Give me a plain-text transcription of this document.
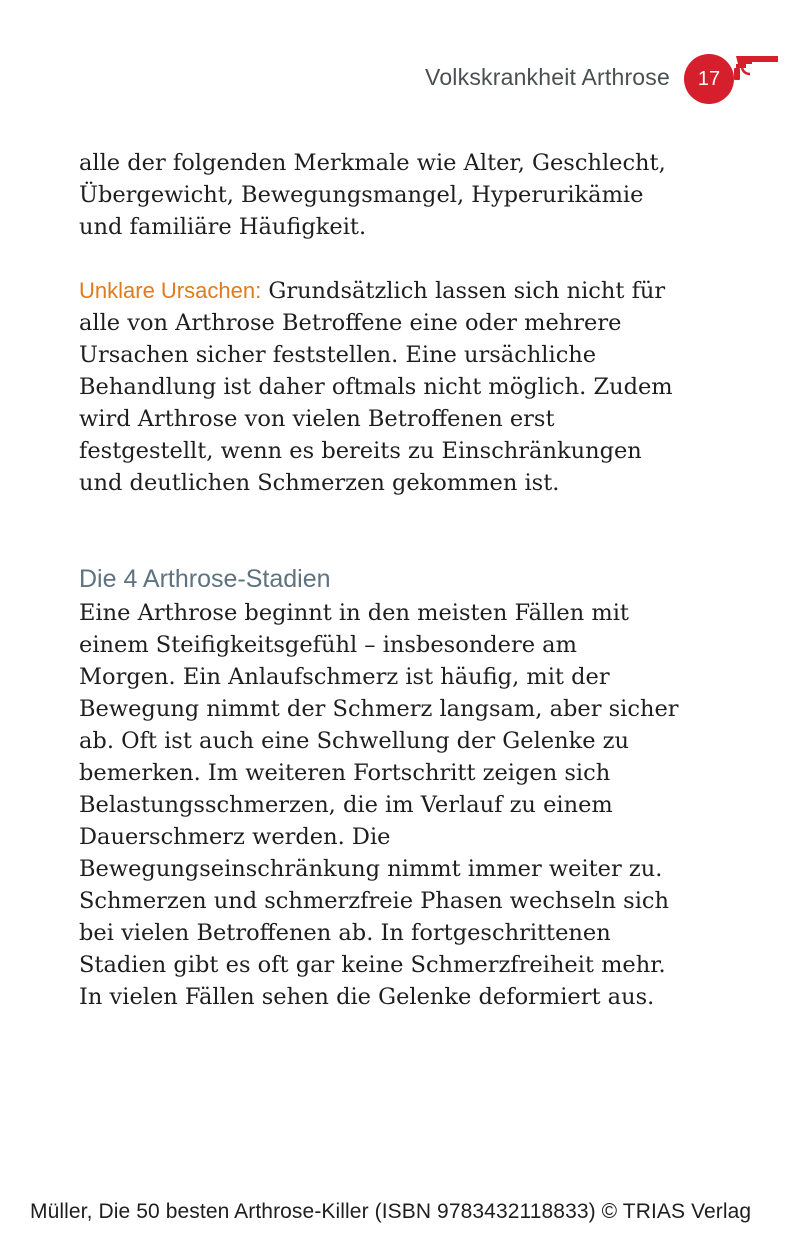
Volkskrankheit Arthrose	17

alle der folgenden Merkmale wie Alter, Geschlecht, Übergewicht, Bewegungsmangel, Hyperurikämie und familiäre Häufigkeit.

Unklare Ursachen: Grundsätzlich lassen sich nicht für alle von Arthrose Betroffene eine oder mehrere Ursachen sicher feststellen. Eine ursächliche Behandlung ist daher oftmals nicht möglich. Zudem wird Arthrose von vielen Betroffenen erst festgestellt, wenn es bereits zu Einschränkungen und deutlichen Schmerzen gekommen ist.

Die 4 Arthrose-Stadien

Eine Arthrose beginnt in den meisten Fällen mit einem Steifigkeitsgefühl – insbesondere am Morgen. Ein Anlaufschmerz ist häufig, mit der Bewegung nimmt der Schmerz langsam, aber sicher ab. Oft ist auch eine Schwellung der Gelenke zu bemerken. Im weiteren Fortschritt zeigen sich Belastungsschmerzen, die im Verlauf zu einem Dauerschmerz werden. Die Bewegungseinschränkung nimmt immer weiter zu. Schmerzen und schmerzfreie Phasen wechseln sich bei vielen Betroffenen ab. In fortgeschrittenen Stadien gibt es oft gar keine Schmerzfreiheit mehr. In vielen Fällen sehen die Gelenke deformiert aus.

Müller, Die 50 besten Arthrose-Killer (ISBN 9783432118833) © TRIAS Verlag
